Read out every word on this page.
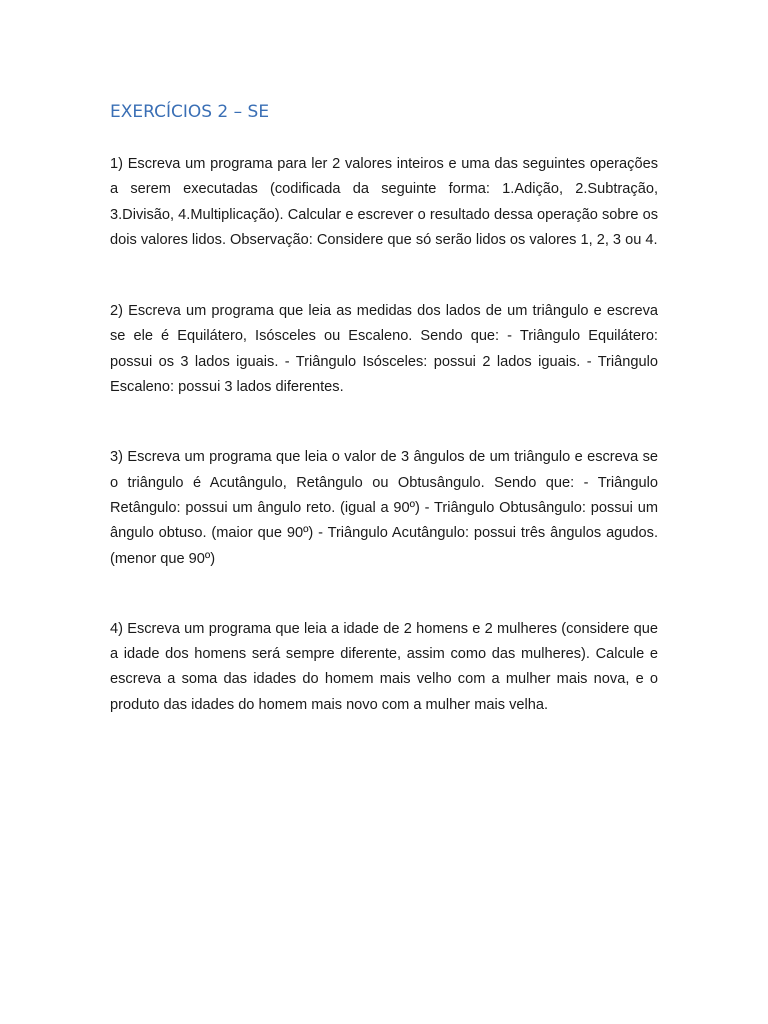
EXERCÍCIOS 2 – SE

1) Escreva um programa para ler 2 valores inteiros e uma das seguintes operações a serem executadas (codificada da seguinte forma: 1.Adição, 2.Subtração, 3.Divisão, 4.Multiplicação). Calcular e escrever o resultado dessa operação sobre os dois valores lidos. Observação: Considere que só serão lidos os valores 1, 2, 3 ou 4.

2) Escreva um programa que leia as medidas dos lados de um triângulo e escreva se ele é Equilátero, Isósceles ou Escaleno. Sendo que: - Triângulo Equilátero: possui os 3 lados iguais. - Triângulo Isósceles: possui 2 lados iguais. - Triângulo Escaleno: possui 3 lados diferentes.

3) Escreva um programa que leia o valor de 3 ângulos de um triângulo e escreva se o triângulo é Acutângulo, Retângulo ou Obtusângulo. Sendo que: - Triângulo Retângulo: possui um ângulo reto. (igual a 90º) - Triângulo Obtusângulo: possui um ângulo obtuso. (maior que 90º) - Triângulo Acutângulo: possui três ângulos agudos. (menor que 90º)

4) Escreva um programa que leia a idade de 2 homens e 2 mulheres (considere que a idade dos homens será sempre diferente, assim como das mulheres). Calcule e escreva a soma das idades do homem mais velho com a mulher mais nova, e o produto das idades do homem mais novo com a mulher mais velha.
